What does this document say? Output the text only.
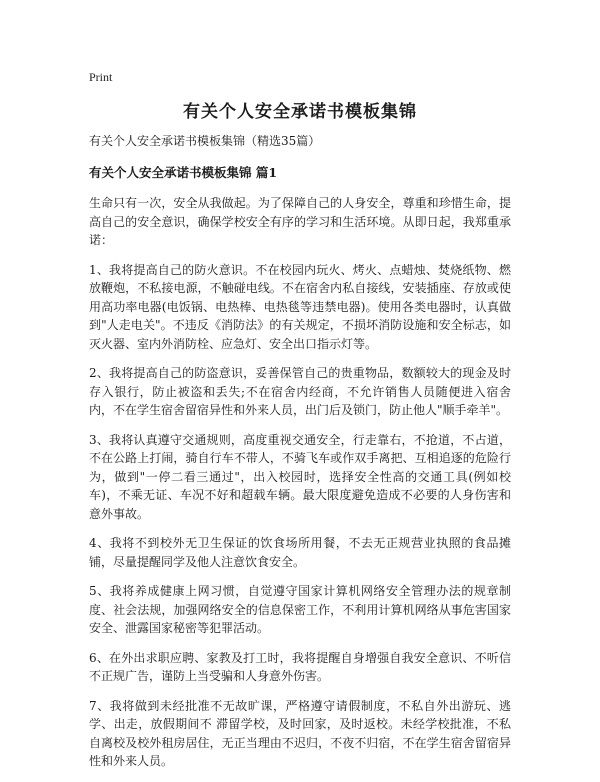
Print
有关个人安全承诺书模板集锦

有关个人安全承诺书模板集锦（精选35篇）

有关个人安全承诺书模板集锦 篇1

生命只有一次，安全从我做起。为了保障自己的人身安全，尊重和珍惜生命，提高自己的安全意识，确保学校安全有序的学习和生活环境。从即日起，我郑重承诺：

1、我将提高自己的防火意识。不在校园内玩火、烤火、点蜡烛、焚烧纸物、燃放鞭炮，不私接电源，不触碰电线。不在宿舍内私自接线，安装插座、存放或使用高功率电器(电饭锅、电热棒、电热毯等违禁电器)。使用各类电器时，认真做到"人走电关"。不违反《消防法》的有关规定，不损坏消防设施和安全标志，如灭火器、室内外消防栓、应急灯、安全出口指示灯等。

2、我将提高自己的防盗意识，妥善保管自己的贵重物品，数额较大的现金及时存入银行，防止被盗和丢失;不在宿舍内经商，不允许销售人员随便进入宿舍内，不在学生宿舍留宿异性和外来人员，出门后及锁门，防止他人"顺手牵羊"。

3、我将认真遵守交通规则，高度重视交通安全，行走靠右，不抢道，不占道，不在公路上打闹，骑自行车不带人，不骑飞车或作双手离把、互相追逐的危险行为，做到"一停二看三通过"，出入校园时，选择安全性高的交通工具(例如校车)，不乘无证、车况不好和超载车辆。最大限度避免造成不必要的人身伤害和意外事故。

4、我将不到校外无卫生保证的饮食场所用餐，不去无正规营业执照的食品摊铺，尽量提醒同学及他人注意饮食安全。

5、我将养成健康上网习惯，自觉遵守国家计算机网络安全管理办法的规章制度、社会法规，加强网络安全的信息保密工作，不利用计算机网络从事危害国家安全、泄露国家秘密等犯罪活动。

6、在外出求职应聘、家教及打工时，我将提醒自身增强自我安全意识、不听信不正规广告，谨防上当受骗和人身意外伤害。

7、我将做到未经批准不无故旷课，严格遵守请假制度，不私自外出游玩、逃学、出走，放假期间不 滞留学校，及时回家，及时返校。未经学校批准，不私自离校及校外租房居住，无正当理由不迟归，不夜不归宿，不在学生宿舍留宿异性和外来人员。
